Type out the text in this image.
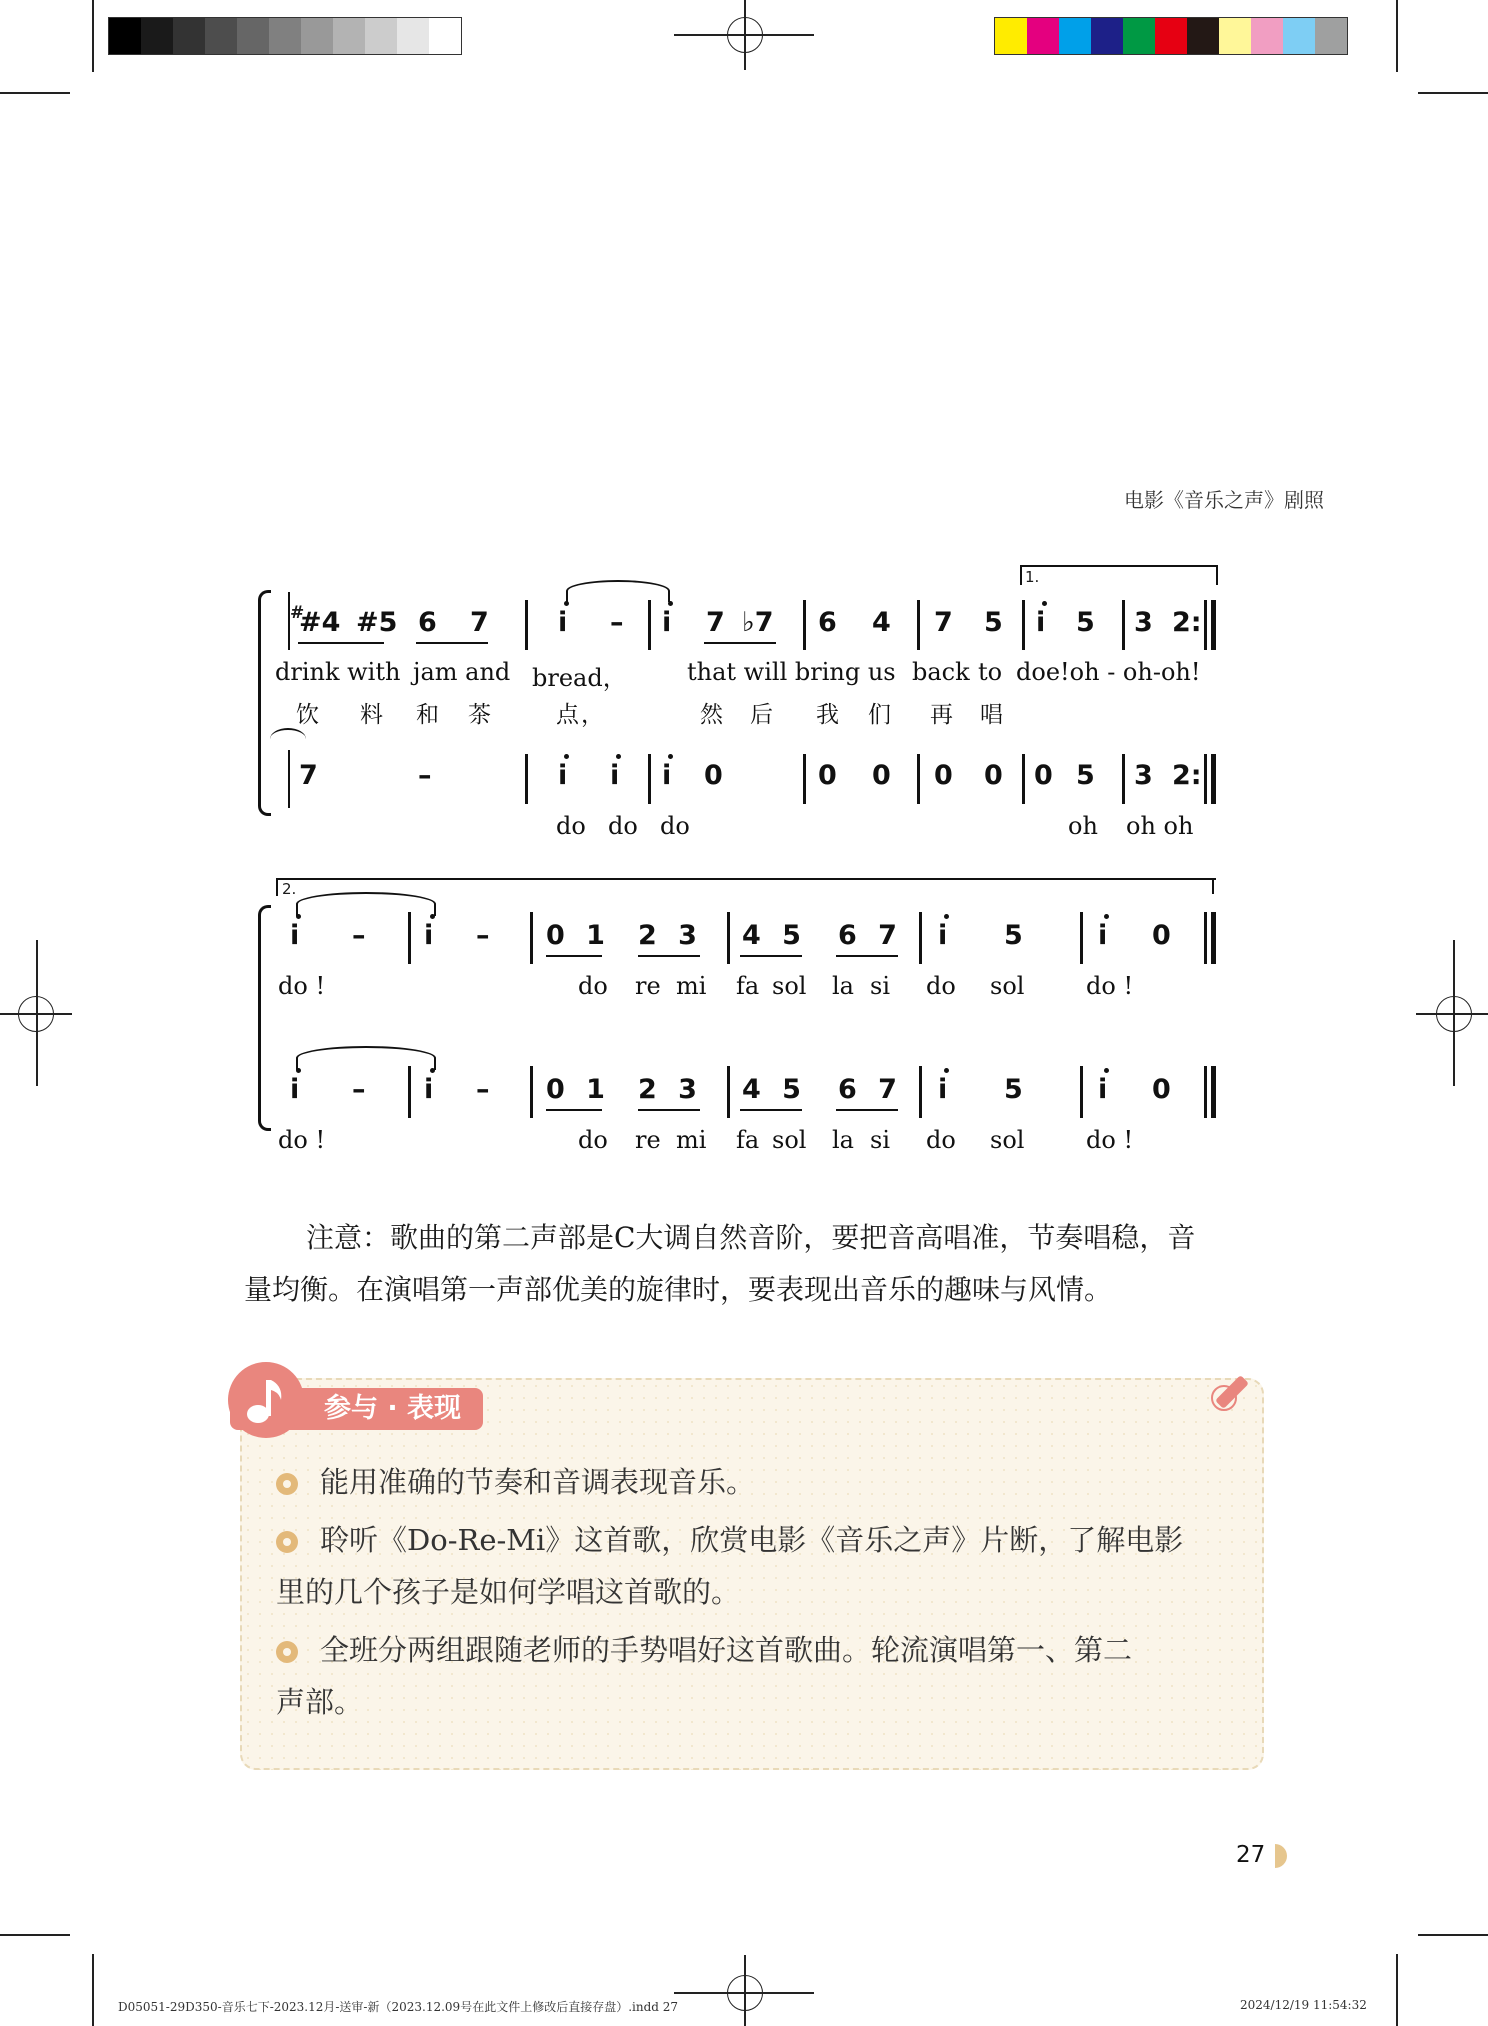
电影《音乐之声》剧照
1.
#
#4 #5 6 7	i – i 7 ♭7 6 4 7 5 i 5 3 2:
drink with jam and bread，	that will bring us back to doe!oh - oh-oh!
饮 料 和 茶	点，	然 后 我 们 再 唱
7	–	i i i 0	0 0 0 0 0 5 3 2:
do do do	oh oh oh
2.
i – i – 0 1 2 3 4 5 6 7 i 5	i 0
do !	do re mi fa sol la si do sol	do !
i – i – 0 1 2 3 4 5 6 7 i 5	i 0
do !	do re mi fa sol la si do sol	do !
注意：歌曲的第二声部是C大调自然音阶，要把音高唱准，节奏唱稳，音
量均衡。在演唱第一声部优美的旋律时，要表现出音乐的趣味与风情。
参与 · 表现
能用准确的节奏和音调表现音乐。
聆听《Do-Re-Mi》这首歌，欣赏电影《音乐之声》片断，了解电影
里的几个孩子是如何学唱这首歌的。
全班分两组跟随老师的手势唱好这首歌曲。轮流演唱第一、第二
声部。
27
D05051-29D350-音乐七下-2023.12月-送审-新（2023.12.09号在此文件上修改后直接存盘）.indd 27	2024/12/19 11:54:32
